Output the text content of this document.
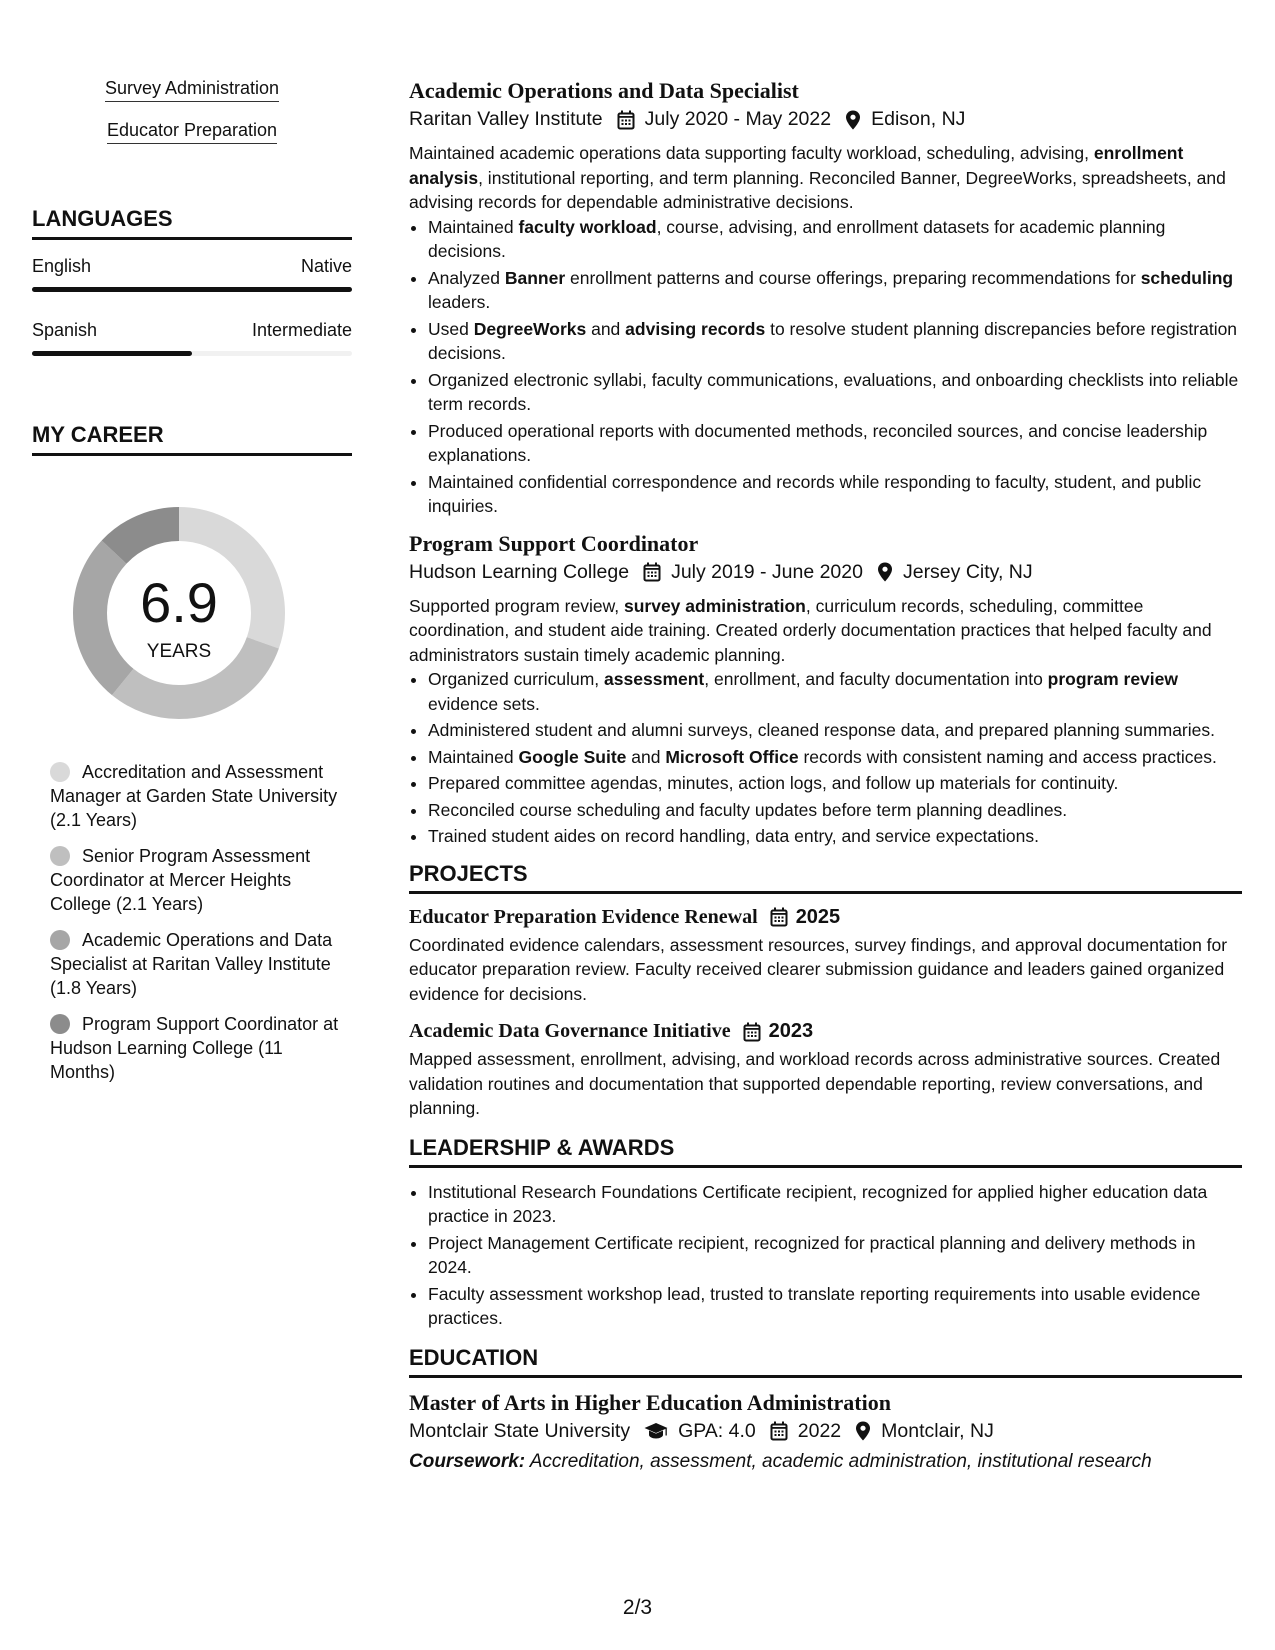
Survey Administration
Educator Preparation
LANGUAGES
English	Native
Spanish	Intermediate
MY CAREER
6.9
YEARS
Accreditation and Assessment Manager at Garden State University (2.1 Years)
Senior Program Assessment Coordinator at Mercer Heights College (2.1 Years)
Academic Operations and Data Specialist at Raritan Valley Institute (1.8 Years)
Program Support Coordinator at Hudson Learning College (11 Months)
Academic Operations and Data Specialist
Raritan Valley Institute July 2020 - May 2022 Edison, NJ
Maintained academic operations data supporting faculty workload, scheduling, advising, enrollment analysis, institutional reporting, and term planning. Reconciled Banner, DegreeWorks, spreadsheets, and advising records for dependable administrative decisions.
• Maintained faculty workload, course, advising, and enrollment datasets for academic planning decisions.
• Analyzed Banner enrollment patterns and course offerings, preparing recommendations for scheduling leaders.
• Used DegreeWorks and advising records to resolve student planning discrepancies before registration decisions.
• Organized electronic syllabi, faculty communications, evaluations, and onboarding checklists into reliable term records.
• Produced operational reports with documented methods, reconciled sources, and concise leadership explanations.
• Maintained confidential correspondence and records while responding to faculty, student, and public inquiries.
Program Support Coordinator
Hudson Learning College July 2019 - June 2020 Jersey City, NJ
Supported program review, survey administration, curriculum records, scheduling, committee coordination, and student aide training. Created orderly documentation practices that helped faculty and administrators sustain timely academic planning.
• Organized curriculum, assessment, enrollment, and faculty documentation into program review evidence sets.
• Administered student and alumni surveys, cleaned response data, and prepared planning summaries.
• Maintained Google Suite and Microsoft Office records with consistent naming and access practices.
• Prepared committee agendas, minutes, action logs, and follow up materials for continuity.
• Reconciled course scheduling and faculty updates before term planning deadlines.
• Trained student aides on record handling, data entry, and service expectations.
PROJECTS
Educator Preparation Evidence Renewal 2025
Coordinated evidence calendars, assessment resources, survey findings, and approval documentation for educator preparation review. Faculty received clearer submission guidance and leaders gained organized evidence for decisions.
Academic Data Governance Initiative 2023
Mapped assessment, enrollment, advising, and workload records across administrative sources. Created validation routines and documentation that supported dependable reporting, review conversations, and planning.
LEADERSHIP & AWARDS
• Institutional Research Foundations Certificate recipient, recognized for applied higher education data practice in 2023.
• Project Management Certificate recipient, recognized for practical planning and delivery methods in 2024.
• Faculty assessment workshop lead, trusted to translate reporting requirements into usable evidence practices.
EDUCATION
Master of Arts in Higher Education Administration
Montclair State University GPA: 4.0 2022 Montclair, NJ
Coursework: Accreditation, assessment, academic administration, institutional research
2/3
